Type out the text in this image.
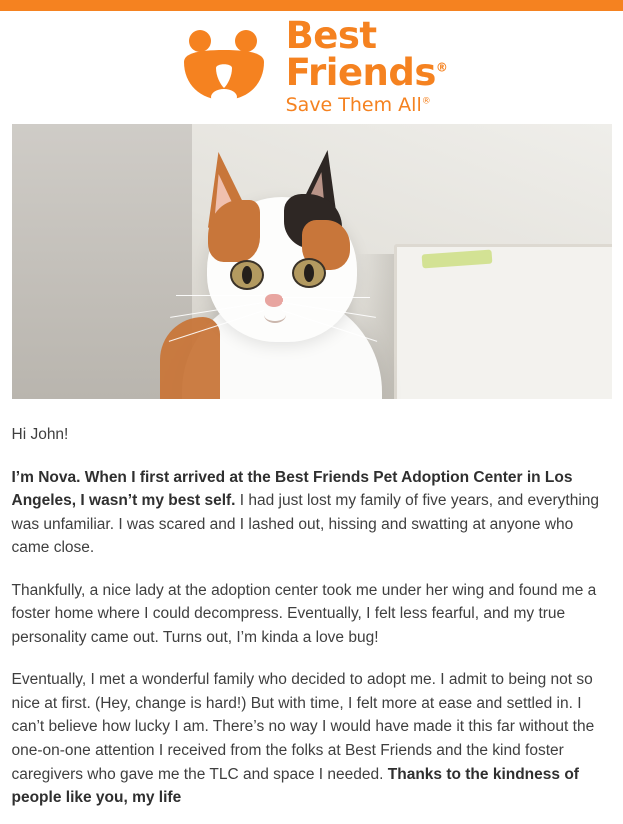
Best
Friends®
Save Them All®

Hi John!

I’m Nova. When I first arrived at the Best Friends Pet Adoption Center in Los Angeles, I wasn’t my best self. I had just lost my family of five years, and everything was unfamiliar. I was scared and I lashed out, hissing and swatting at anyone who came close.

Thankfully, a nice lady at the adoption center took me under her wing and found me a foster home where I could decompress. Eventually, I felt less fearful, and my true personality came out. Turns out, I’m kinda a love bug!

Eventually, I met a wonderful family who decided to adopt me. I admit to being not so nice at first. (Hey, change is hard!) But with time, I felt more at ease and settled in. I can’t believe how lucky I am. There’s no way I would have made it this far without the one-on-one attention I received from the folks at Best Friends and the kind foster caregivers who gave me the TLC and space I needed. Thanks to the kindness of people like you, my life
